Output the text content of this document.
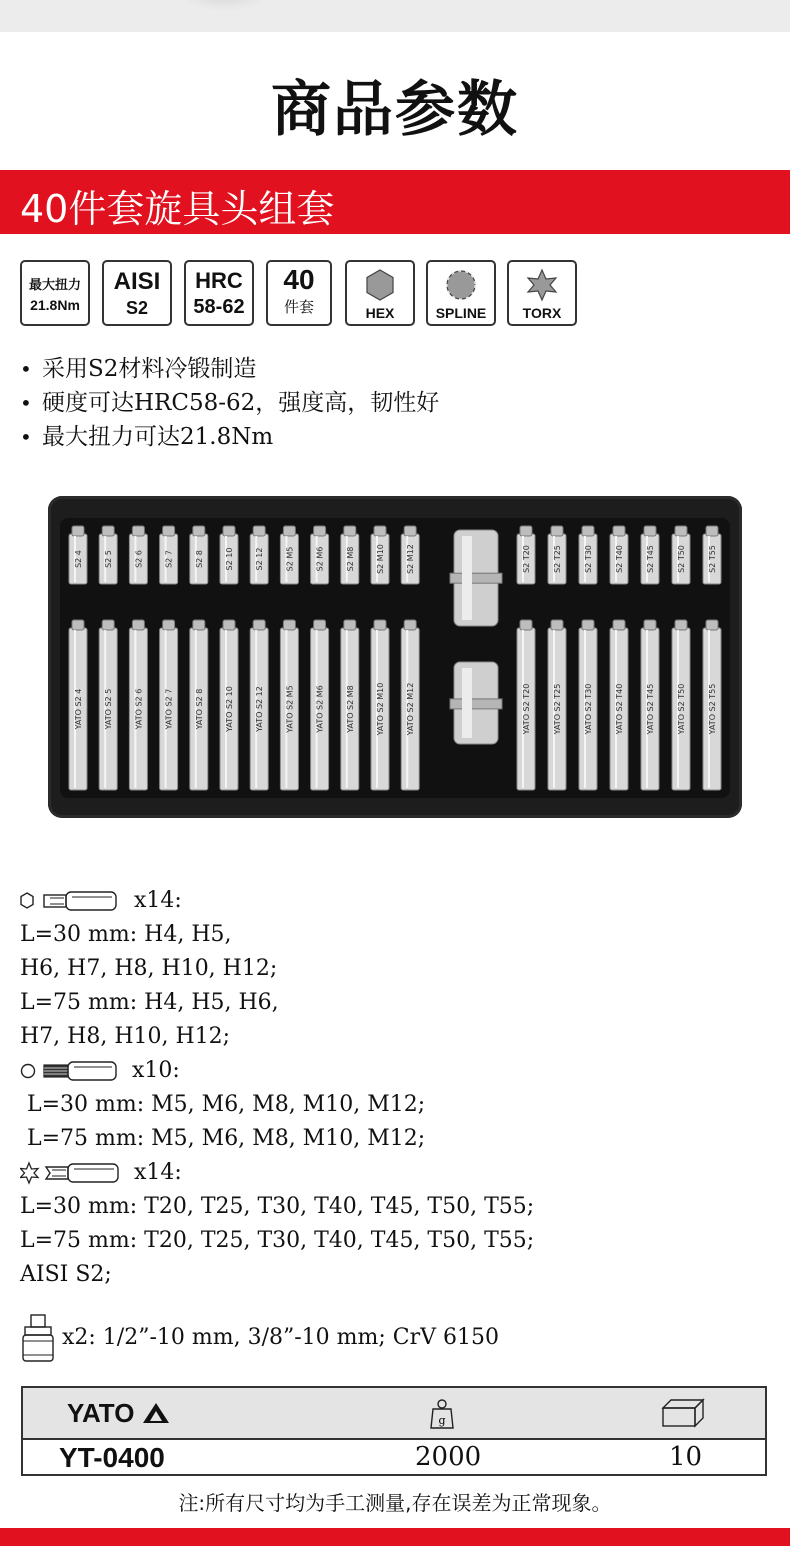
商品参数
40件套旋具头组套
最大扭力
21.8Nm
AISI
S2
HRC
58-62
40
件套	HEX	SPLINE	TORX
• 采用S2材料冷锻制造
• 硬度可达HRC58-62，强度高，韧性好
• 最大扭力可达21.8Nm
S2 4
YATO S2 4
S2 5
YATO S2 5
S2 6
YATO S2 6
S2 7
YATO S2 7
S2 8
YATO S2 8
S2 10
YATO S2 10
S2 12
YATO S2 12
S2 M5
YATO S2 M5
S2 M6
YATO S2 M6
S2 M8
YATO S2 M8
S2 M10
YATO S2 M10
S2 M12
YATO S2 M12
S2 T20
YATO S2 T20
S2 T25
YATO S2 T25
S2 T30
YATO S2 T30
S2 T40
YATO S2 T40
S2 T45
YATO S2 T45
S2 T50
YATO S2 T50
S2 T55
YATO S2 T55
x14:
L=30 mm: H4, H5,
H6, H7, H8, H10, H12;
L=75 mm: H4, H5, H6,
H7, H8, H10, H12;
x10:
L=30 mm: M5, M6, M8, M10, M12;
L=75 mm: M5, M6, M8, M10, M12;
x14:
L=30 mm: T20, T25, T30, T40, T45, T50, T55;
L=75 mm: T20, T25, T30, T40, T45, T50, T55;
AISI S2;
x2: 1/2”-10 mm, 3/8”-10 mm; CrV 6150
YATO	g
YT-0400	2000	10
注:所有尺寸均为手工测量,存在误差为正常现象。
